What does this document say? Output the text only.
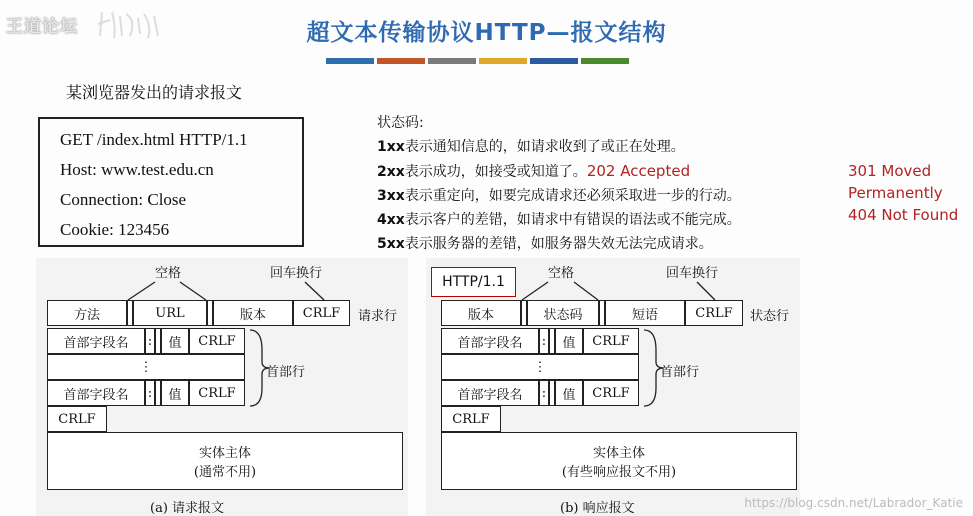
王道论坛	超文本传输协议HTTP—报文结构
某浏览器发出的请求报文
GET /index.html HTTP/1.1
Host: www.test.edu.cn
Connection: Close
Cookie: 123456
状态码:
1xx表示通知信息的，如请求收到了或正在处理。
2xx表示成功，如接受或知道了。202 Accepted
3xx表示重定向，如要完成请求还必须采取进一步的行动。
4xx表示客户的差错，如请求中有错误的语法或不能完成。
5xx表示服务器的差错，如服务器失效无法完成请求。
301 Moved
Permanently
404 Not Found
空格	回车换行
方法	URL	版本	CRLF	请求行
首部字段名	:	值	CRLF
⋮
首部字段名	:	值	CRLF
首部行
CRLF
实体主体
(通常不用)
(a) 请求报文
HTTP/1.1
空格	回车换行
版本	状态码	短语	CRLF	状态行
首部字段名	:	值	CRLF
⋮
首部字段名	:	值	CRLF
首部行
CRLF
实体主体
(有些响应报文不用)
(b) 响应报文	https://blog.csdn.net/Labrador_Katie
